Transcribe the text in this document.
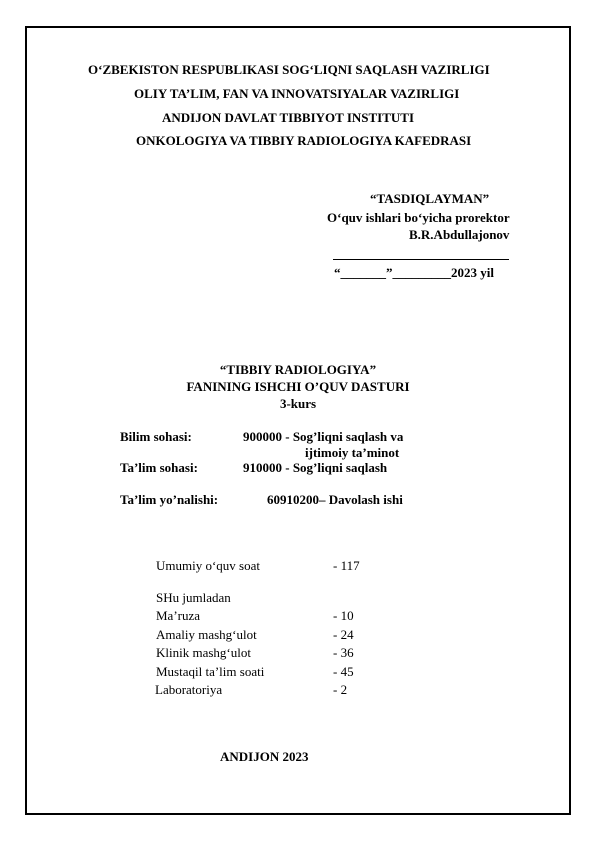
O‘ZBEKISTON RESPUBLIKASI SOG‘LIQNI SAQLASH VAZIRLIGI
OLIY TA’LIM, FAN VA INNOVATSIYALAR VAZIRLIGI
ANDIJON DAVLAT TIBBIYOT INSTITUTI
ONKOLOGIYA VA TIBBIY RADIOLOGIYA KAFEDRASI
“TASDIQLAYMAN”
O‘quv ishlari bo‘yicha prorektor
B.R.Abdullajonov
“_______”_________2023 yil
“TIBBIY RADIOLOGIYA”
FANINING ISHCHI O’QUV DASTURI
3-kurs
Bilim sohasi:	900000 - Sog’liqni saqlash va
ijtimoiy ta’minot
Ta’lim sohasi:	910000 - Sog’liqni saqlash
Ta’lim yo’nalishi:	60910200– Davolash ishi
Umumiy o‘quv soat	- 117
SHu jumladan
Ma’ruza	- 10
Amaliy mashg‘ulot	- 24
Klinik mashg‘ulot	- 36
Mustaqil ta’lim soati	- 45
Laboratoriya	- 2
ANDIJON 2023
